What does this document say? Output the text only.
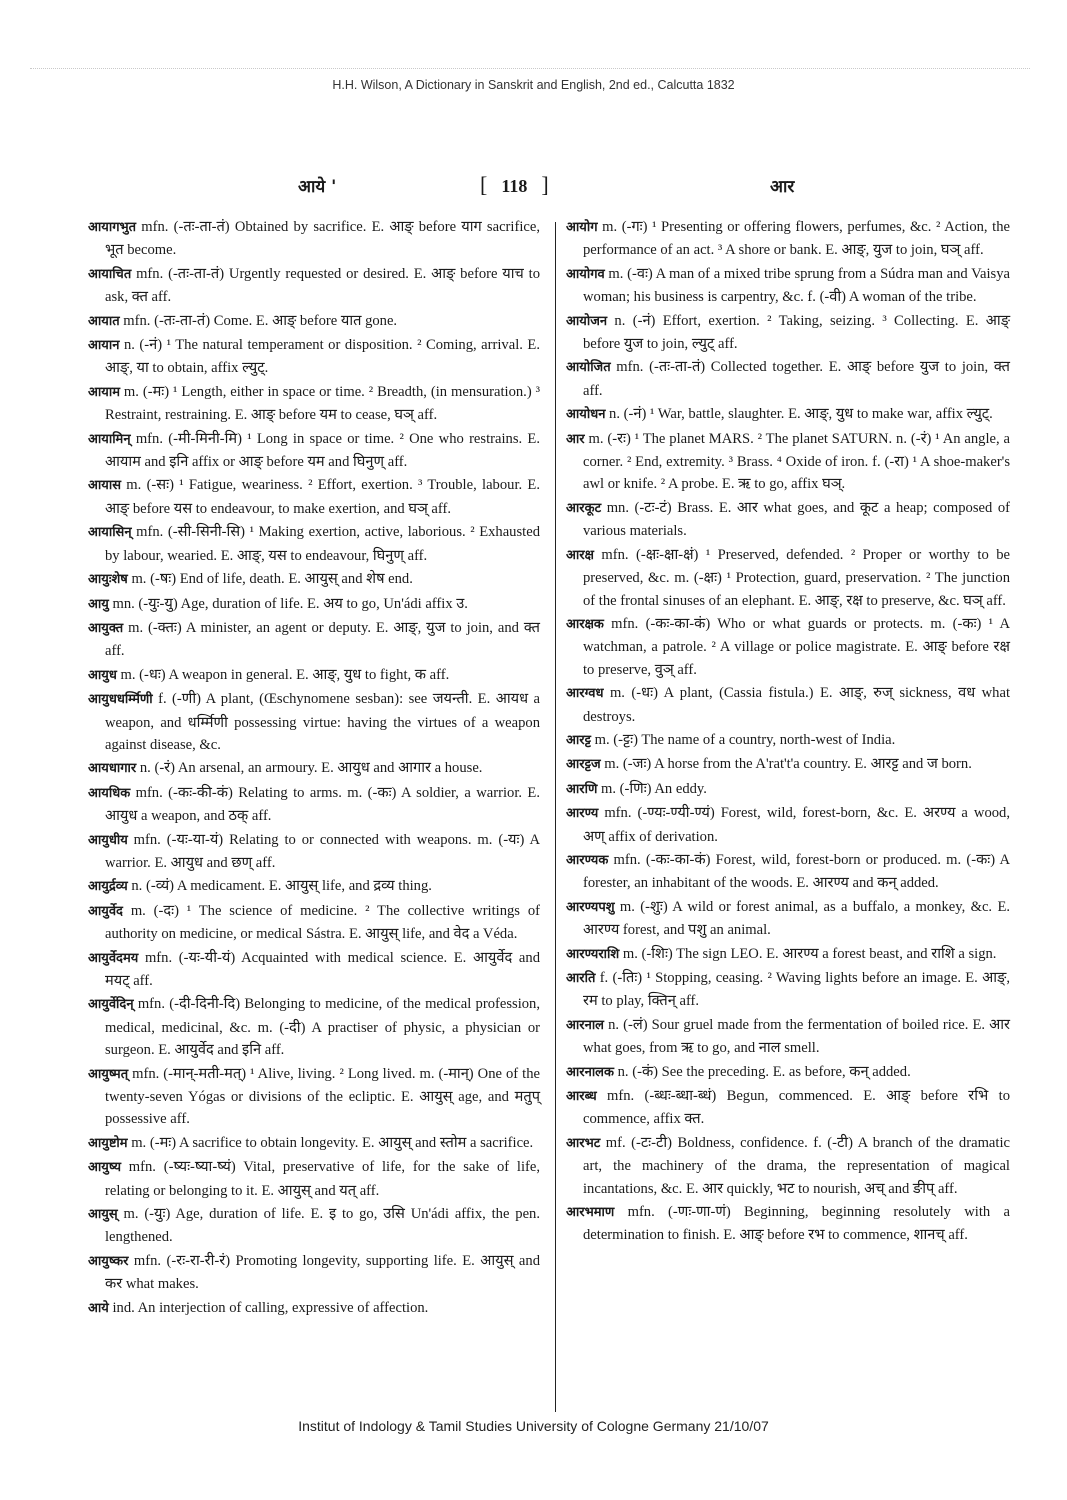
H.H. Wilson, A Dictionary in Sanskrit and English, 2nd ed., Calcutta 1832
आये '	[ 118 ]	आर
आयागभुत mfn. (-तः-ता-तं) Obtained by sacrifice. E. आङ् before याग sacrifice, भूत become.
आयाचित mfn. (-तः-ता-तं) Urgently requested or desired. E. आङ् before याच to ask, क्त aff.
आयात mfn. (-तः-ता-तं) Come. E. आङ् before यात gone.
आयान n. (-नं) ¹ The natural temperament or disposition. ² Coming, arrival. E. आङ्, या to obtain, affix ल्युट्.
आयाम m. (-मः) ¹ Length, either in space or time. ² Breadth, (in mensuration.) ³ Restraint, restraining. E. आङ् before यम to cease, घञ् aff.
आयामिन् mfn. (-मी-मिनी-मि) ¹ Long in space or time. ² One who restrains. E. आयाम and इनि affix or आङ् before यम and घिनुण् aff.
आयास m. (-सः) ¹ Fatigue, weariness. ² Effort, exertion. ³ Trouble, labour. E. आङ् before यस to endeavour, to make exertion, and घञ् aff.
आयासिन् mfn. (-सी-सिनी-सि) ¹ Making exertion, active, laborious. ² Exhausted by labour, wearied. E. आङ्, यस to endeavour, घिनुण् aff.
आयुःशेष m. (-षः) End of life, death. E. आयुस् and शेष end.
आयु mn. (-युः-यु) Age, duration of life. E. अय to go, Un'ádi affix उ.
आयुक्त m. (-क्तः) A minister, an agent or deputy. E. आङ्, युज to join, and क्त aff.
आयुध m. (-धः) A weapon in general. E. आङ्, युध to fight, क aff.
आयुधधर्म्मिणी f. (-णी) A plant, (Œschynomene sesban): see जयन्ती. E. आयध a weapon, and धर्म्मिणी possessing virtue: having the virtues of a weapon against disease, &c.
आयधागार n. (-रं) An arsenal, an armoury. E. आयुध and आगार a house.
आयधिक mfn. (-कः-की-कं) Relating to arms. m. (-कः) A soldier, a warrior. E. आयुध a weapon, and ठक् aff.
आयुधीय mfn. (-यः-या-यं) Relating to or connected with weapons. m. (-यः) A warrior. E. आयुध and छण् aff.
आयुर्द्रव्य n. (-व्यं) A medicament. E. आयुस् life, and द्रव्य thing.
आयुर्वेद m. (-दः) ¹ The science of medicine. ² The collective writings of authority on medicine, or medical Sástra. E. आयुस् life, and वेद a Véda.
आयुर्वेदमय mfn. (-यः-यी-यं) Acquainted with medical science. E. आयुर्वेद and मयट् aff.
आयुर्वेदिन् mfn. (-दी-दिनी-दि) Belonging to medicine, of the medical profession, medical, medicinal, &c. m. (-दी) A practiser of physic, a physician or surgeon. E. आयुर्वेद and इनि aff.
आयुष्मत् mfn. (-मान्-मती-मत्) ¹ Alive, living. ² Long lived. m. (-मान्) One of the twenty-seven Yógas or divisions of the ecliptic. E. आयुस् age, and मतुप् possessive aff.
आयुष्टोम m. (-मः) A sacrifice to obtain longevity. E. आयुस् and स्तोम a sacrifice.
आयुष्य mfn. (-ष्यः-ष्या-ष्यं) Vital, preservative of life, for the sake of life, relating or belonging to it. E. आयुस् and यत् aff.
आयुस् m. (-युः) Age, duration of life. E. इ to go, उसि Un'ádi affix, the pen. lengthened.
आयुष्कर mfn. (-रः-रा-री-रं) Promoting longevity, supporting life. E. आयुस् and कर what makes.
आये ind. An interjection of calling, expressive of affection.
आयोग m. (-गः) ¹ Presenting or offering flowers, perfumes, &c. ² Action, the performance of an act. ³ A shore or bank. E. आङ्, युज to join, घञ् aff.
आयोगव m. (-वः) A man of a mixed tribe sprung from a Súdra man and Vaisya woman; his business is carpentry, &c. f. (-वी) A woman of the tribe.
आयोजन n. (-नं) Effort, exertion. ² Taking, seizing. ³ Collecting. E. आङ् before युज to join, ल्युट् aff.
आयोजित mfn. (-तः-ता-तं) Collected together. E. आङ् before युज to join, क्त aff.
आयोधन n. (-नं) ¹ War, battle, slaughter. E. आङ्, युध to make war, affix ल्युट्.
आर m. (-रः) ¹ The planet MARS. ² The planet SATURN. n. (-रं) ¹ An angle, a corner. ² End, extremity. ³ Brass. ⁴ Oxide of iron. f. (-रा) ¹ A shoe-maker's awl or knife. ² A probe. E. ऋ to go, affix घञ्.
आरकूट mn. (-टः-टं) Brass. E. आर what goes, and कूट a heap; composed of various materials.
आरक्ष mfn. (-क्षः-क्षा-क्षं) ¹ Preserved, defended. ² Proper or worthy to be preserved, &c. m. (-क्षः) ¹ Protection, guard, preservation. ² The junction of the frontal sinuses of an elephant. E. आङ्, रक्ष to preserve, &c. घञ् aff.
आरक्षक mfn. (-कः-का-कं) Who or what guards or protects. m. (-कः) ¹ A watchman, a patrole. ² A village or police magistrate. E. आङ् before रक्ष to preserve, वुञ् aff.
आरग्वध m. (-धः) A plant, (Cassia fistula.) E. आङ्, रुज् sickness, वध what destroys.
आरट्ट m. (-ट्टः) The name of a country, north-west of India.
आरट्टज m. (-जः) A horse from the A'rat't'a country. E. आरट्ट and ज born.
आरणि m. (-णिः) An eddy.
आरण्य mfn. (-ण्यः-ण्यी-ण्यं) Forest, wild, forest-born, &c. E. अरण्य a wood, अण् affix of derivation.
आरण्यक mfn. (-कः-का-कं) Forest, wild, forest-born or produced. m. (-कः) A forester, an inhabitant of the woods. E. आरण्य and कन् added.
आरण्यपशु m. (-शुः) A wild or forest animal, as a buffalo, a monkey, &c. E. आरण्य forest, and पशु an animal.
आरण्यराशि m. (-शिः) The sign LEO. E. आरण्य a forest beast, and राशि a sign.
आरति f. (-तिः) ¹ Stopping, ceasing. ² Waving lights before an image. E. आङ्, रम to play, क्तिन् aff.
आरनाल n. (-लं) Sour gruel made from the fermentation of boiled rice. E. आर what goes, from ऋ to go, and नाल smell.
आरनालक n. (-कं) See the preceding. E. as before, कन् added.
आरब्ध mfn. (-ब्धः-ब्धा-ब्धं) Begun, commenced. E. आङ् before रभि to commence, affix क्त.
आरभट mf. (-टः-टी) Boldness, confidence. f. (-टी) A branch of the dramatic art, the machinery of the drama, the representation of magical incantations, &c. E. आर quickly, भट to nourish, अच् and ङीप् aff.
आरभमाण mfn. (-णः-णा-णं) Beginning, beginning resolutely with a determination to finish. E. आङ् before रभ to commence, शानच् aff.
Institut of Indology & Tamil Studies University of Cologne Germany 21/10/07
